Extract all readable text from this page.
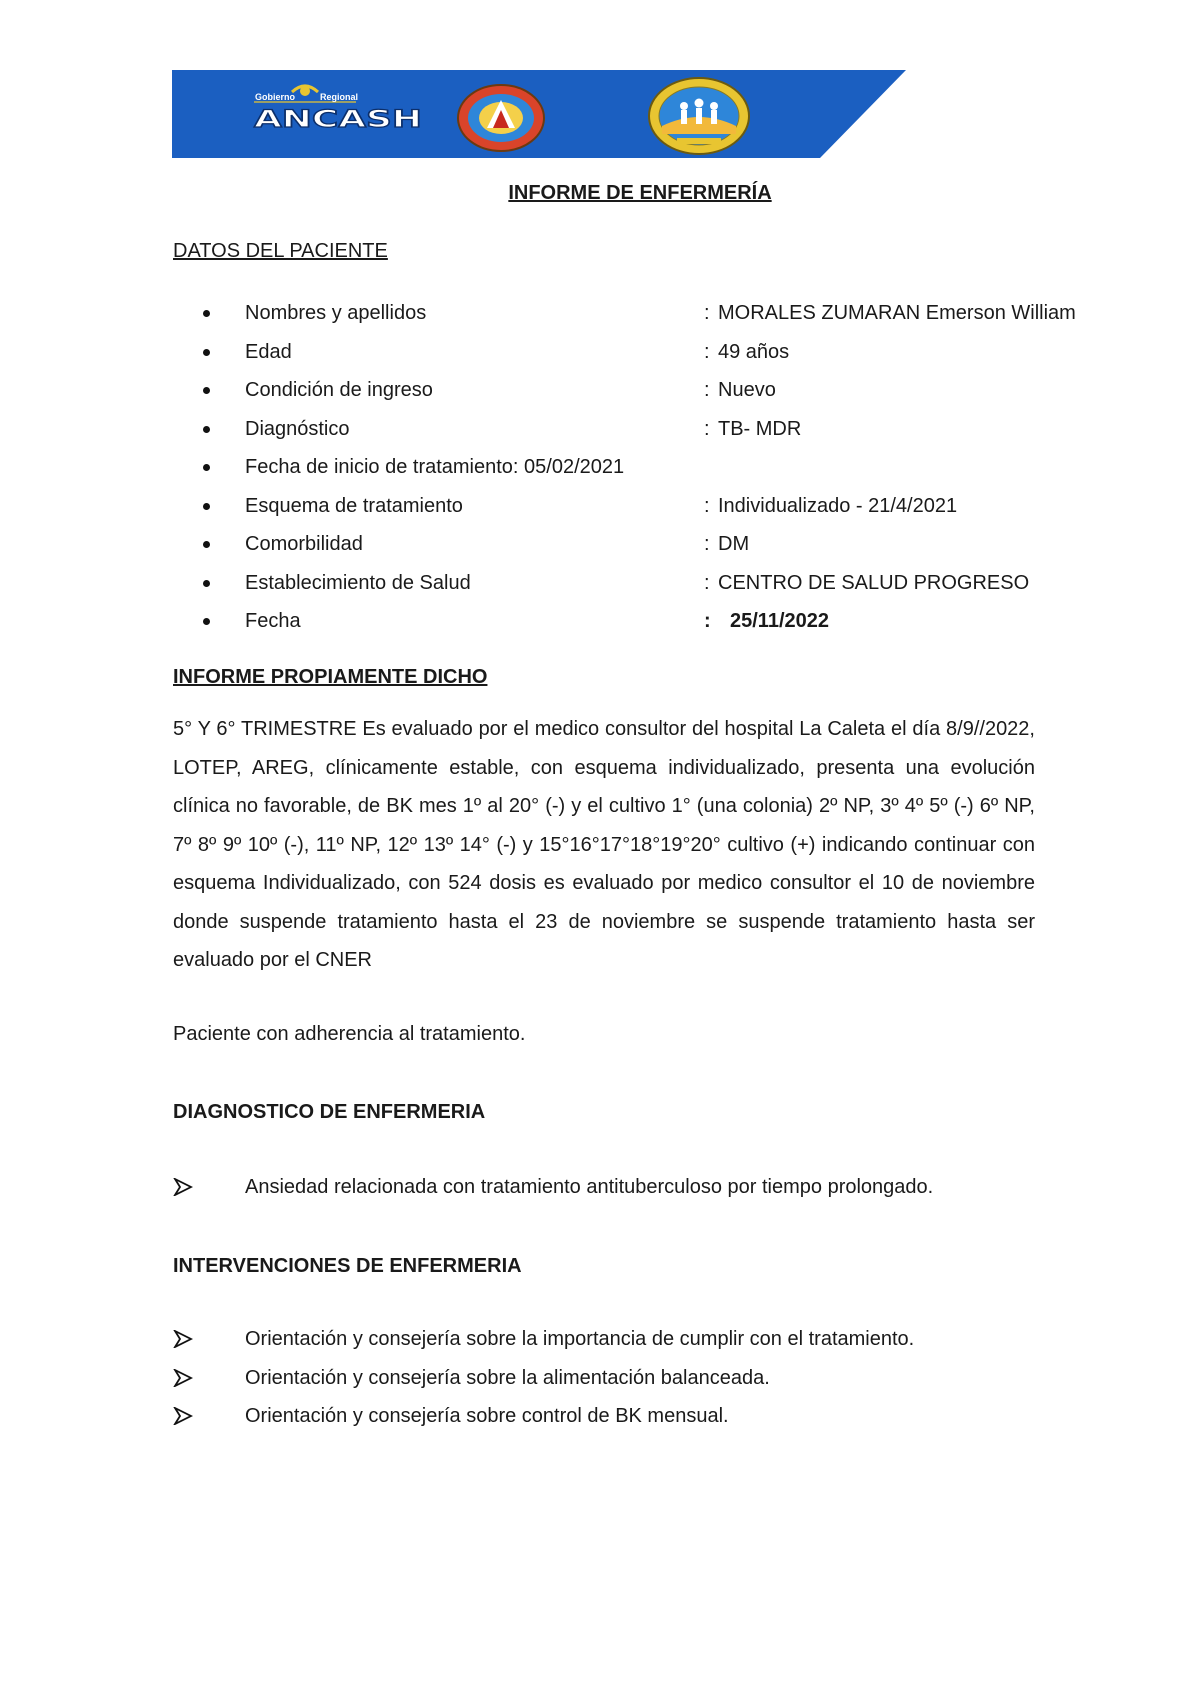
Gobierno	Regional
ANCASH
INFORME DE ENFERMERÍA
DATOS DEL PACIENTE
Nombres y apellidos	: MORALES ZUMARAN Emerson William
Edad	: 49 años
Condición de ingreso	: Nuevo
Diagnóstico	: TB- MDR
Fecha de inicio de tratamiento: 05/02/2021
Esquema de tratamiento	: Individualizado - 21/4/2021
Comorbilidad	: DM
Establecimiento de Salud	: CENTRO DE SALUD PROGRESO
Fecha	: 25/11/2022
INFORME PROPIAMENTE DICHO

5° Y 6° TRIMESTRE Es evaluado por el medico consultor del hospital La Caleta el día 8/9//2022, LOTEP, AREG, clínicamente estable, con esquema individualizado, presenta una evolución clínica no favorable, de BK mes 1º al 20° (-) y el cultivo 1° (una colonia) 2º NP, 3º 4º 5º (-) 6º NP, 7º 8º 9º 10º (-), 11º NP, 12º 13º 14° (-) y 15°16°17°18°19°20° cultivo (+) indicando continuar con esquema Individualizado, con 524 dosis es evaluado por medico consultor el 10 de noviembre donde suspende tratamiento hasta el 23 de noviembre se suspende tratamiento hasta ser evaluado por el CNER

Paciente con adherencia al tratamiento.
DIAGNOSTICO DE ENFERMERIA
Ansiedad relacionada con tratamiento antituberculoso por tiempo prolongado.
INTERVENCIONES DE ENFERMERIA
Orientación y consejería sobre la importancia de cumplir con el tratamiento.
Orientación y consejería sobre la alimentación balanceada.
Orientación y consejería sobre control de BK mensual.
